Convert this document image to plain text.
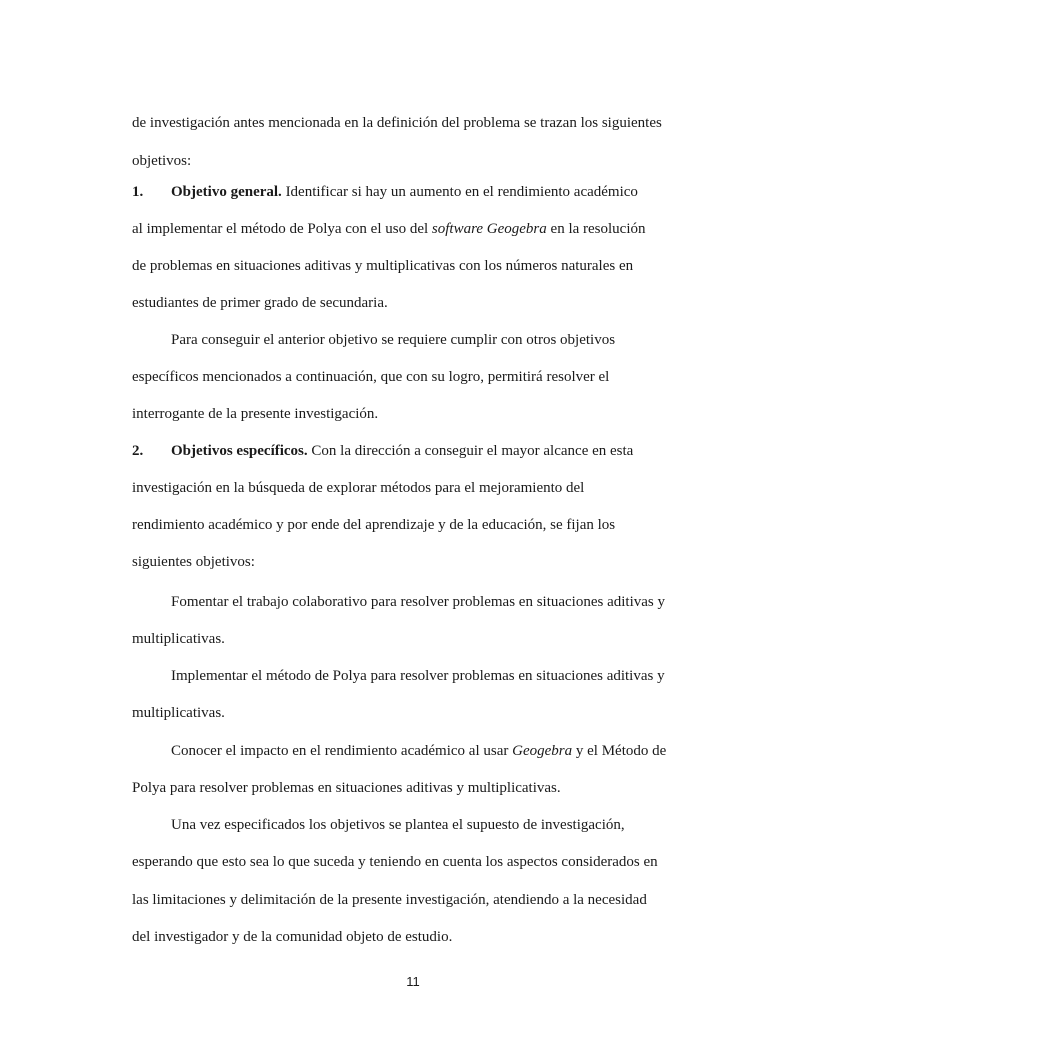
de investigación antes mencionada en la definición del problema se trazan los siguientes
objetivos:
1. Objetivo general. Identificar si hay un aumento en el rendimiento académico
al implementar el método de Polya con el uso del software Geogebra en la resolución
de problemas en situaciones aditivas y multiplicativas con los números naturales en
estudiantes de primer grado de secundaria.
Para conseguir el anterior objetivo se requiere cumplir con otros objetivos
específicos mencionados a continuación, que con su logro, permitirá resolver el
interrogante de la presente investigación.
2. Objetivos específicos. Con la dirección a conseguir el mayor alcance en esta
investigación en la búsqueda de explorar métodos para el mejoramiento del
rendimiento académico y por ende del aprendizaje y de la educación, se fijan los
siguientes objetivos:
Fomentar el trabajo colaborativo para resolver problemas en situaciones aditivas y
multiplicativas.
Implementar el método de Polya para resolver problemas en situaciones aditivas y
multiplicativas.
Conocer el impacto en el rendimiento académico al usar Geogebra y el Método de
Polya para resolver problemas en situaciones aditivas y multiplicativas.
Una vez especificados los objetivos se plantea el supuesto de investigación,
esperando que esto sea lo que suceda y teniendo en cuenta los aspectos considerados en
las limitaciones y delimitación de la presente investigación, atendiendo a la necesidad
del investigador y de la comunidad objeto de estudio.
11
